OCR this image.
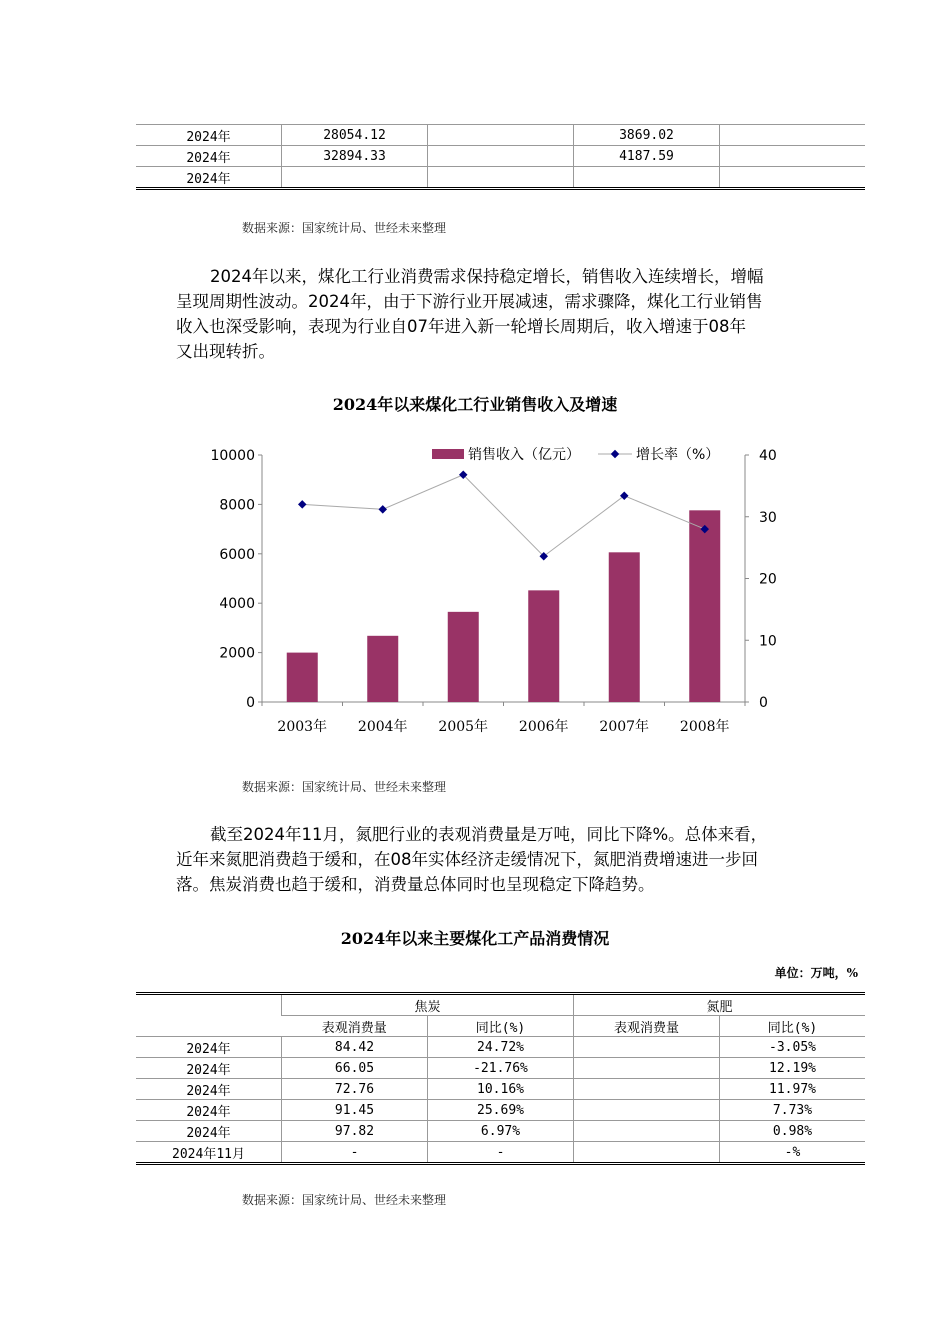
2024年	28054.12		3869.02	
2024年	32894.33		4187.59	
2024年				
数据来源：国家统计局、世经未来整理
2024年以来，煤化工行业消费需求保持稳定增长，销售收入连续增长，增幅
呈现周期性波动。2024年，由于下游行业开展减速，需求骤降，煤化工行业销售
收入也深受影响，表现为行业自07年进入新一轮增长周期后，收入增速于08年
又出现转折。
2024年以来煤化工行业销售收入及增速
0
2000
4000
6000
8000
10000
0
10
20
30
40
2003年 2004年 2005年 2006年 2007年 2008年
销售收入（亿元）	增长率（%）
数据来源：国家统计局、世经未来整理
截至2024年11月，氮肥行业的表观消费量是万吨，同比下降%。总体来看，
近年来氮肥消费趋于缓和，在08年实体经济走缓情况下，氮肥消费增速进一步回
落。焦炭消费也趋于缓和，消费量总体同时也呈现稳定下降趋势。
2024年以来主要煤化工产品消费情况
单位：万吨，%
	焦炭		氮肥	
	表观消费量	同比(%)	表观消费量	同比(%)
2024年	84.42	24.72%		-3.05%
2024年	66.05	-21.76%		12.19%
2024年	72.76	10.16%		11.97%
2024年	91.45	25.69%		7.73%
2024年	97.82	6.97%		0.98%
2024年11月	-	-		-%
数据来源：国家统计局、世经未来整理
